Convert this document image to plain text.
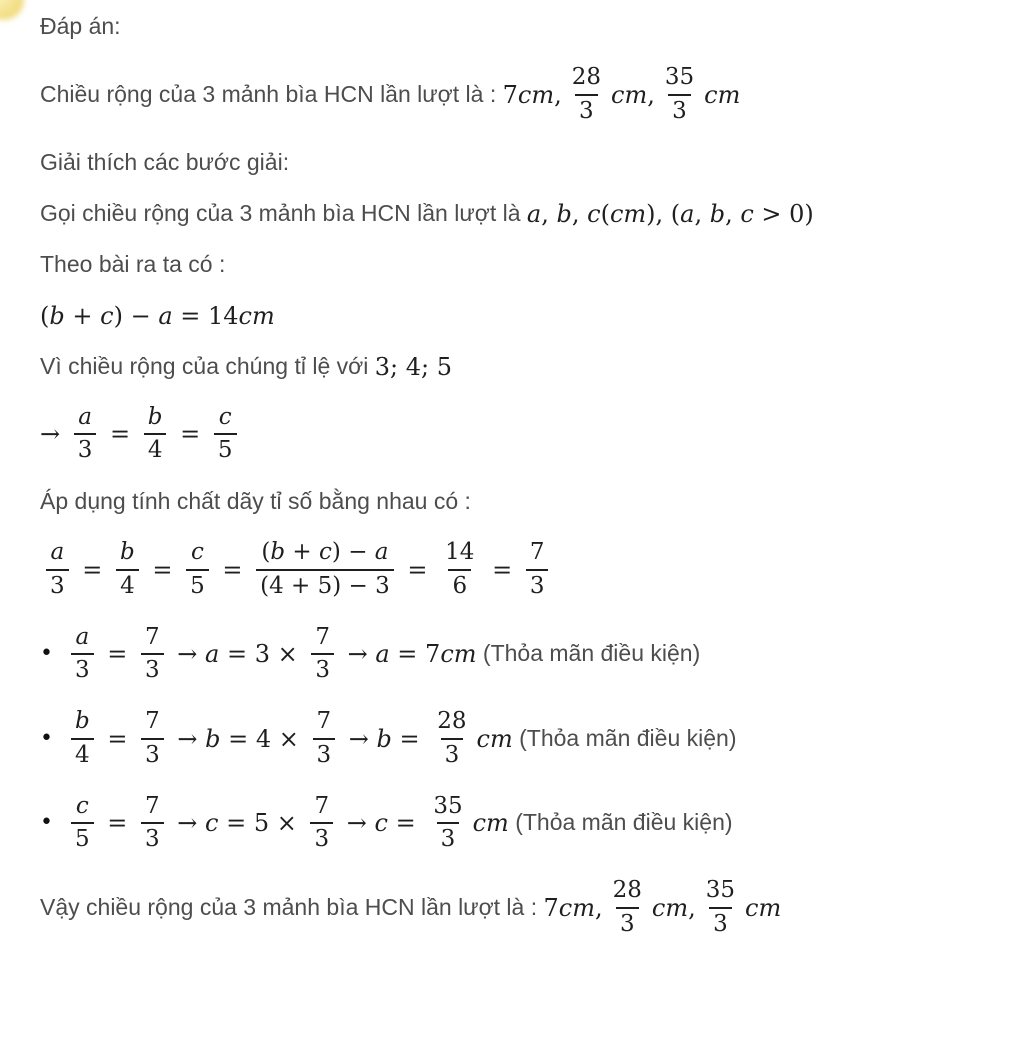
Đáp án:
Chiều rộng của 3 mảnh bìa HCN lần lượt là : 7cm, $\frac{28}{3}$ cm, $\frac{35}{3}$ cm
Giải thích các bước giải:
Gọi chiều rộng của 3 mảnh bìa HCN lần lượt là a, b, c(cm), (a, b, c > 0)
Theo bài ra ta có :
(b + c) − a = 14cm
Vì chiều rộng của chúng tỉ lệ với 3; 4; 5
→ $\frac{a}{3} = \frac{b}{4} = \frac{c}{5}$
Áp dụng tính chất dãy tỉ số bằng nhau có :
$\frac{a}{3} = \frac{b}{4} = \frac{c}{5} = \frac{(b + c) - a}{(4 + 5) - 3} = \frac{14}{6} = \frac{7}{3}$
• $\frac{a}{3} = \frac{7}{3} \to a = 3 \times \frac{7}{3} \to a = 7cm$ (Thỏa mãn điều kiện)
• $\frac{b}{4} = \frac{7}{3} \to b = 4 \times \frac{7}{3} \to b = \frac{28}{3}$ cm (Thỏa mãn điều kiện)
• $\frac{c}{5} = \frac{7}{3} \to c = 5 \times \frac{7}{3} \to c = \frac{35}{3}$ cm (Thỏa mãn điều kiện)
Vậy chiều rộng của 3 mảnh bìa HCN lần lượt là : 7cm, $\frac{28}{3}$ cm, $\frac{35}{3}$ cm
